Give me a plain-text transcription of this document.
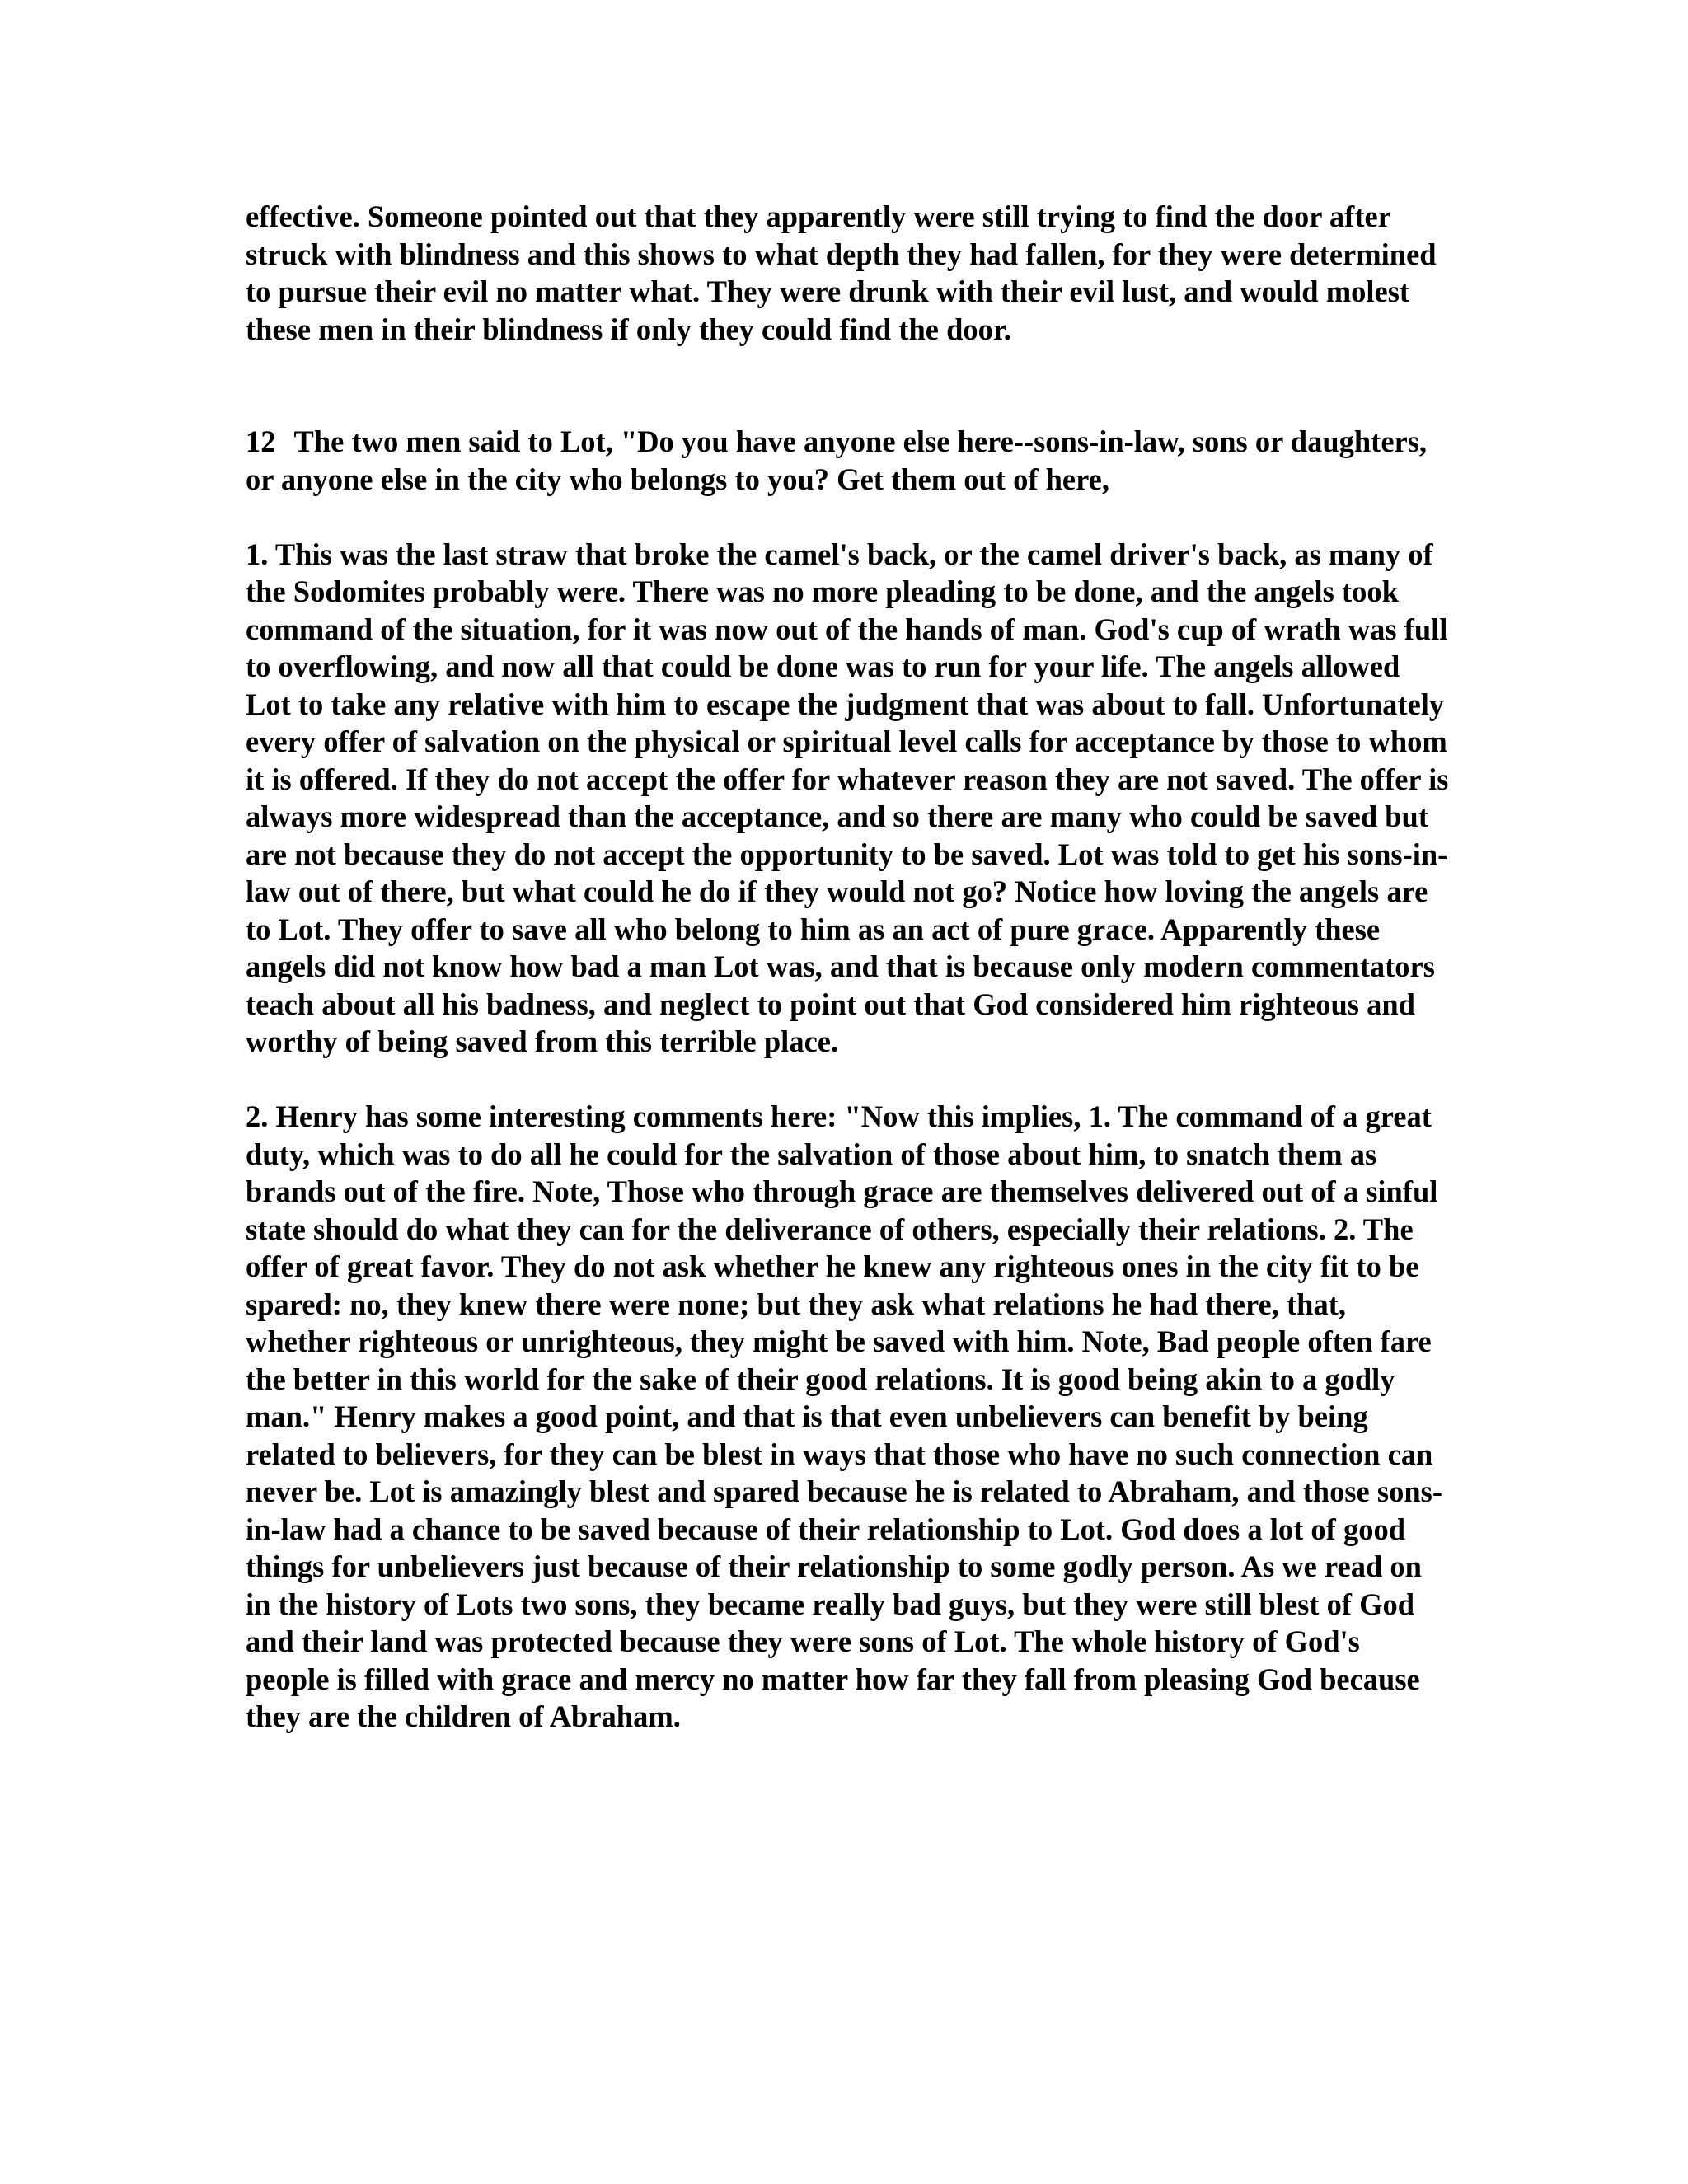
effective. Someone pointed out that they apparently were still trying to find the door after struck with blindness and this shows to what depth they had fallen, for they were determined to pursue their evil no matter what. They were drunk with their evil lust, and would molest these men in their blindness if only they could find the door.

12 The two men said to Lot, "Do you have anyone else here--sons-in-law, sons or daughters, or anyone else in the city who belongs to you? Get them out of here,

1. This was the last straw that broke the camel's back, or the camel driver's back, as many of the Sodomites probably were. There was no more pleading to be done, and the angels took command of the situation, for it was now out of the hands of man. God's cup of wrath was full to overflowing, and now all that could be done was to run for your life. The angels allowed Lot to take any relative with him to escape the judgment that was about to fall. Unfortunately every offer of salvation on the physical or spiritual level calls for acceptance by those to whom it is offered. If they do not accept the offer for whatever reason they are not saved. The offer is always more widespread than the acceptance, and so there are many who could be saved but are not because they do not accept the opportunity to be saved. Lot was told to get his sons-in-law out of there, but what could he do if they would not go? Notice how loving the angels are to Lot. They offer to save all who belong to him as an act of pure grace. Apparently these angels did not know how bad a man Lot was, and that is because only modern commentators teach about all his badness, and neglect to point out that God considered him righteous and worthy of being saved from this terrible place.

2. Henry has some interesting comments here: "Now this implies, 1. The command of a great duty, which was to do all he could for the salvation of those about him, to snatch them as brands out of the fire. Note, Those who through grace are themselves delivered out of a sinful state should do what they can for the deliverance of others, especially their relations. 2. The offer of great favor. They do not ask whether he knew any righteous ones in the city fit to be spared: no, they knew there were none; but they ask what relations he had there, that, whether righteous or unrighteous, they might be saved with him. Note, Bad people often fare the better in this world for the sake of their good relations. It is good being akin to a godly man." Henry makes a good point, and that is that even unbelievers can benefit by being related to believers, for they can be blest in ways that those who have no such connection can never be. Lot is amazingly blest and spared because he is related to Abraham, and those sons-in-law had a chance to be saved because of their relationship to Lot. God does a lot of good things for unbelievers just because of their relationship to some godly person. As we read on in the history of Lots two sons, they became really bad guys, but they were still blest of God and their land was protected because they were sons of Lot. The whole history of God's people is filled with grace and mercy no matter how far they fall from pleasing God because they are the children of Abraham.
